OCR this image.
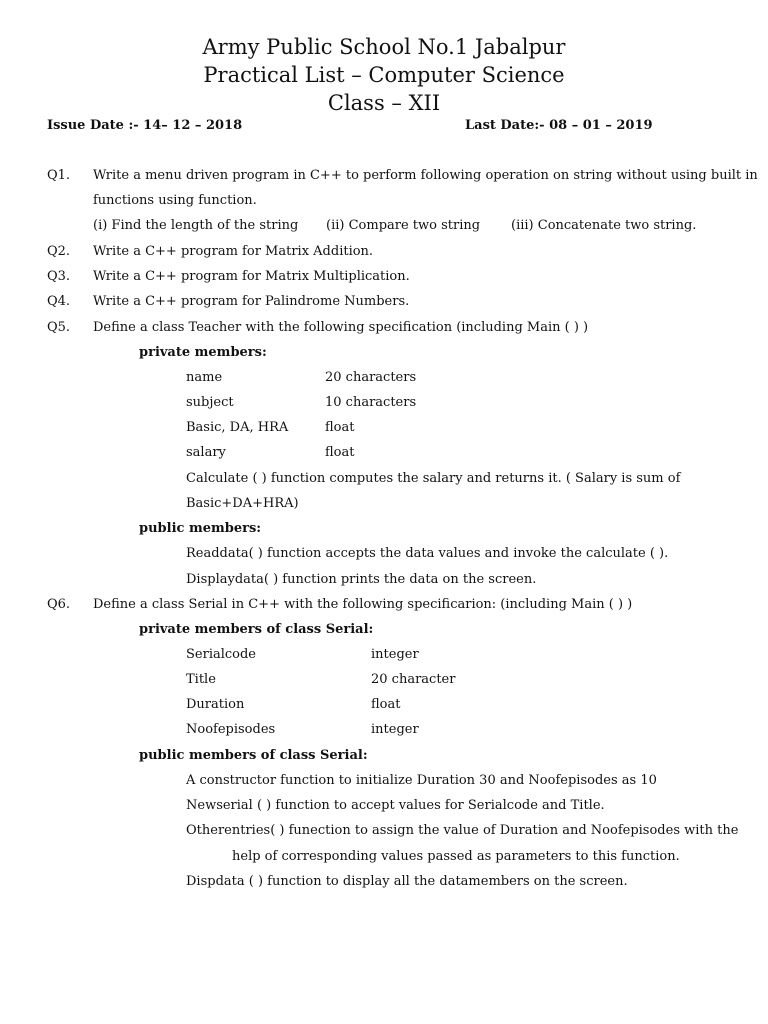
Army Public School No.1 Jabalpur
Practical List – Computer Science
Class – XII
Issue Date :- 14– 12 – 2018	Last Date:- 08 – 01 – 2019
Q1. Write a menu driven program in C++ to perform following operation on string without using built in
functions using function.
(i) Find the length of the string (ii) Compare two string (iii) Concatenate two string.
Q2. Write a C++ program for Matrix Addition.
Q3. Write a C++ program for Matrix Multiplication.
Q4. Write a C++ program for Palindrome Numbers.
Q5. Define a class Teacher with the following specification (including Main ( ) )
private members:
name	20 characters
subject	10 characters
Basic, DA, HRA	float
salary	float
Calculate ( ) function computes the salary and returns it. ( Salary is sum of
Basic+DA+HRA)
public members:
Readdata( ) function accepts the data values and invoke the calculate ( ).
Displaydata( ) function prints the data on the screen.
Q6. Define a class Serial in C++ with the following specificarion: (including Main ( ) )
private members of class Serial:
Serialcode	integer
Title	20 character
Duration	float
Noofepisodes	integer
public members of class Serial:
A constructor function to initialize Duration 30 and Noofepisodes as 10
Newserial ( ) function to accept values for Serialcode and Title.
Otherentries( ) funection to assign the value of Duration and Noofepisodes with the
help of corresponding values passed as parameters to this function.
Dispdata ( ) function to display all the datamembers on the screen.
